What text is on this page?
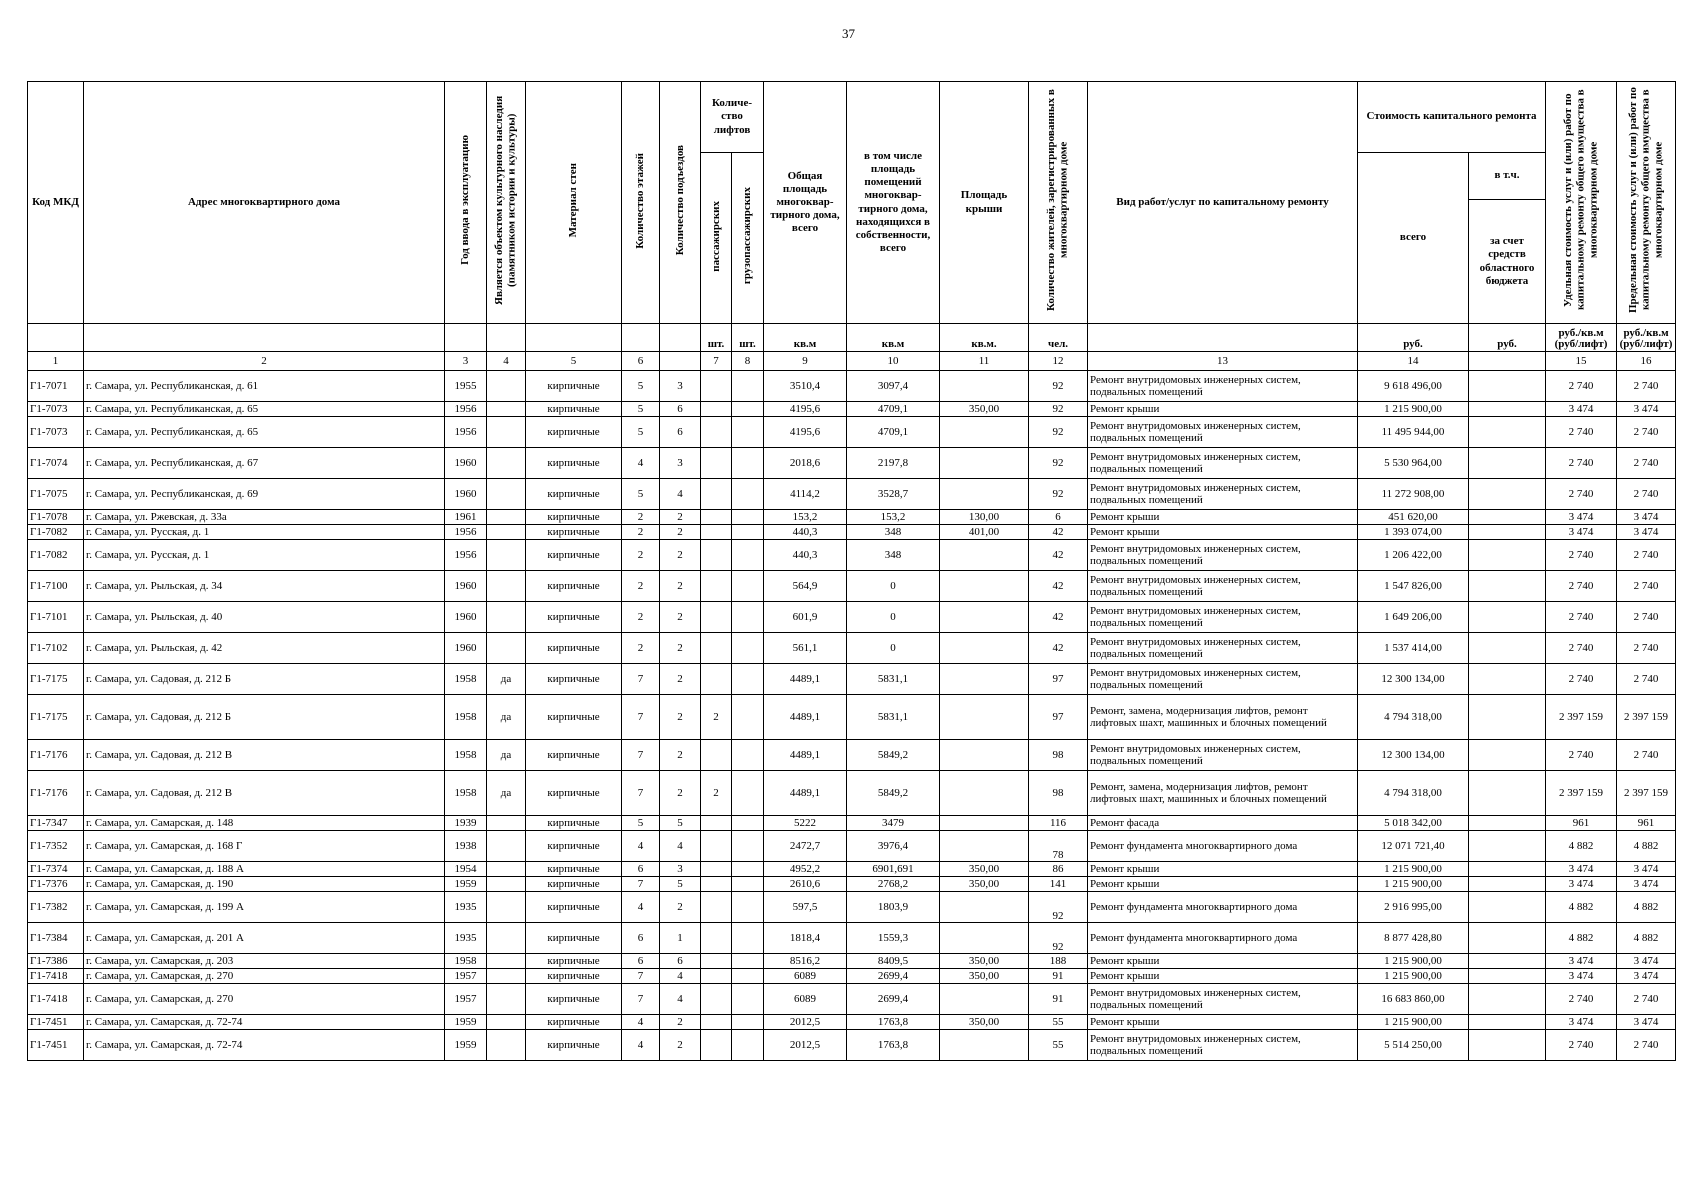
37
Код МКД	Адрес многоквартирного дома	Год ввода в эксплуатацию	Является объектом культурного наследия (памятником истории и культуры)	Материал стен	Количество этажей	Количество подъездов	Количе-ство лифтов		Общая площадь многоквар-тирного дома, всего	в том числе площадь помещений многоквар-тирного дома, находящихся в собственности, всего	Площадь крыши	Количество жителей, зарегистрированных в многоквартирном доме	Вид работ/услуг по капитальному ремонту	Стоимость капитального ремонта		Удельная стоимость услуг и (или) работ по капитальному ремонту общего имущества в многоквартирном доме	Предельная стоимость услуг и (или) работ по капитальному ремонту общего имущества в многоквартирном доме
							пассажирских	грузопассажирских						всего	в т.ч.		
															за счет средств областного бюджета		
							шт.	шт.	кв.м	кв.м	кв.м.	чел.		руб.	руб.	руб./кв.м (руб/лифт)	руб./кв.м (руб/лифт)
1	2	3	4	5	6		7	8	9	10	11	12	13	14		15	16
Г1-7071	г. Самара, ул. Республиканская, д. 61	1955		кирпичные	5	3			3510,4	3097,4		92	Ремонт внутридомовых инженерных систем, подвальных помещений	9 618 496,00		2 740	2 740
Г1-7073	г. Самара, ул. Республиканская, д. 65	1956		кирпичные	5	6			4195,6	4709,1	350,00	92	Ремонт крыши	1 215 900,00		3 474	3 474
Г1-7073	г. Самара, ул. Республиканская, д. 65	1956		кирпичные	5	6			4195,6	4709,1		92	Ремонт внутридомовых инженерных систем, подвальных помещений	11 495 944,00		2 740	2 740
Г1-7074	г. Самара, ул. Республиканская, д. 67	1960		кирпичные	4	3			2018,6	2197,8		92	Ремонт внутридомовых инженерных систем, подвальных помещений	5 530 964,00		2 740	2 740
Г1-7075	г. Самара, ул. Республиканская, д. 69	1960		кирпичные	5	4			4114,2	3528,7		92	Ремонт внутридомовых инженерных систем, подвальных помещений	11 272 908,00		2 740	2 740
Г1-7078	г. Самара, ул. Ржевская, д. 33а	1961		кирпичные	2	2			153,2	153,2	130,00	6	Ремонт крыши	451 620,00		3 474	3 474
Г1-7082	г. Самара, ул. Русская, д. 1	1956		кирпичные	2	2			440,3	348	401,00	42	Ремонт крыши	1 393 074,00		3 474	3 474
Г1-7082	г. Самара, ул. Русская, д. 1	1956		кирпичные	2	2			440,3	348		42	Ремонт внутридомовых инженерных систем, подвальных помещений	1 206 422,00		2 740	2 740
Г1-7100	г. Самара, ул. Рыльская, д. 34	1960		кирпичные	2	2			564,9	0		42	Ремонт внутридомовых инженерных систем, подвальных помещений	1 547 826,00		2 740	2 740
Г1-7101	г. Самара, ул. Рыльская, д. 40	1960		кирпичные	2	2			601,9	0		42	Ремонт внутридомовых инженерных систем, подвальных помещений	1 649 206,00		2 740	2 740
Г1-7102	г. Самара, ул. Рыльская, д. 42	1960		кирпичные	2	2			561,1	0		42	Ремонт внутридомовых инженерных систем, подвальных помещений	1 537 414,00		2 740	2 740
Г1-7175	г. Самара, ул. Садовая, д. 212 Б	1958	да	кирпичные	7	2			4489,1	5831,1		97	Ремонт внутридомовых инженерных систем, подвальных помещений	12 300 134,00		2 740	2 740
Г1-7175	г. Самара, ул. Садовая, д. 212 Б	1958	да	кирпичные	7	2	2		4489,1	5831,1		97	Ремонт, замена, модернизация лифтов, ремонт лифтовых шахт, машинных и блочных помещений	4 794 318,00		2 397 159	2 397 159
Г1-7176	г. Самара, ул. Садовая, д. 212 В	1958	да	кирпичные	7	2			4489,1	5849,2		98	Ремонт внутридомовых инженерных систем, подвальных помещений	12 300 134,00		2 740	2 740
Г1-7176	г. Самара, ул. Садовая, д. 212 В	1958	да	кирпичные	7	2	2		4489,1	5849,2		98	Ремонт, замена, модернизация лифтов, ремонт лифтовых шахт, машинных и блочных помещений	4 794 318,00		2 397 159	2 397 159
Г1-7347	г. Самара, ул. Самарская, д. 148	1939		кирпичные	5	5			5222	3479		116	Ремонт фасада	5 018 342,00		961	961
Г1-7352	г. Самара, ул. Самарская, д. 168 Г	1938		кирпичные	4	4			2472,7	3976,4		78	Ремонт фундамента многоквартирного дома	12 071 721,40		4 882	4 882
Г1-7374	г. Самара, ул. Самарская, д. 188 А	1954		кирпичные	6	3			4952,2	6901,691	350,00	86	Ремонт крыши	1 215 900,00		3 474	3 474
Г1-7376	г. Самара, ул. Самарская, д. 190	1959		кирпичные	7	5			2610,6	2768,2	350,00	141	Ремонт крыши	1 215 900,00		3 474	3 474
Г1-7382	г. Самара, ул. Самарская, д. 199 А	1935		кирпичные	4	2			597,5	1803,9		92	Ремонт фундамента многоквартирного дома	2 916 995,00		4 882	4 882
Г1-7384	г. Самара, ул. Самарская, д. 201 А	1935		кирпичные	6	1			1818,4	1559,3		92	Ремонт фундамента многоквартирного дома	8 877 428,80		4 882	4 882
Г1-7386	г. Самара, ул. Самарская, д. 203	1958		кирпичные	6	6			8516,2	8409,5	350,00	188	Ремонт крыши	1 215 900,00		3 474	3 474
Г1-7418	г. Самара, ул. Самарская, д. 270	1957		кирпичные	7	4			6089	2699,4	350,00	91	Ремонт крыши	1 215 900,00		3 474	3 474
Г1-7418	г. Самара, ул. Самарская, д. 270	1957		кирпичные	7	4			6089	2699,4		91	Ремонт внутридомовых инженерных систем, подвальных помещений	16 683 860,00		2 740	2 740
Г1-7451	г. Самара, ул. Самарская, д. 72-74	1959		кирпичные	4	2			2012,5	1763,8	350,00	55	Ремонт крыши	1 215 900,00		3 474	3 474
Г1-7451	г. Самара, ул. Самарская, д. 72-74	1959		кирпичные	4	2			2012,5	1763,8		55	Ремонт внутридомовых инженерных систем, подвальных помещений	5 514 250,00		2 740	2 740
